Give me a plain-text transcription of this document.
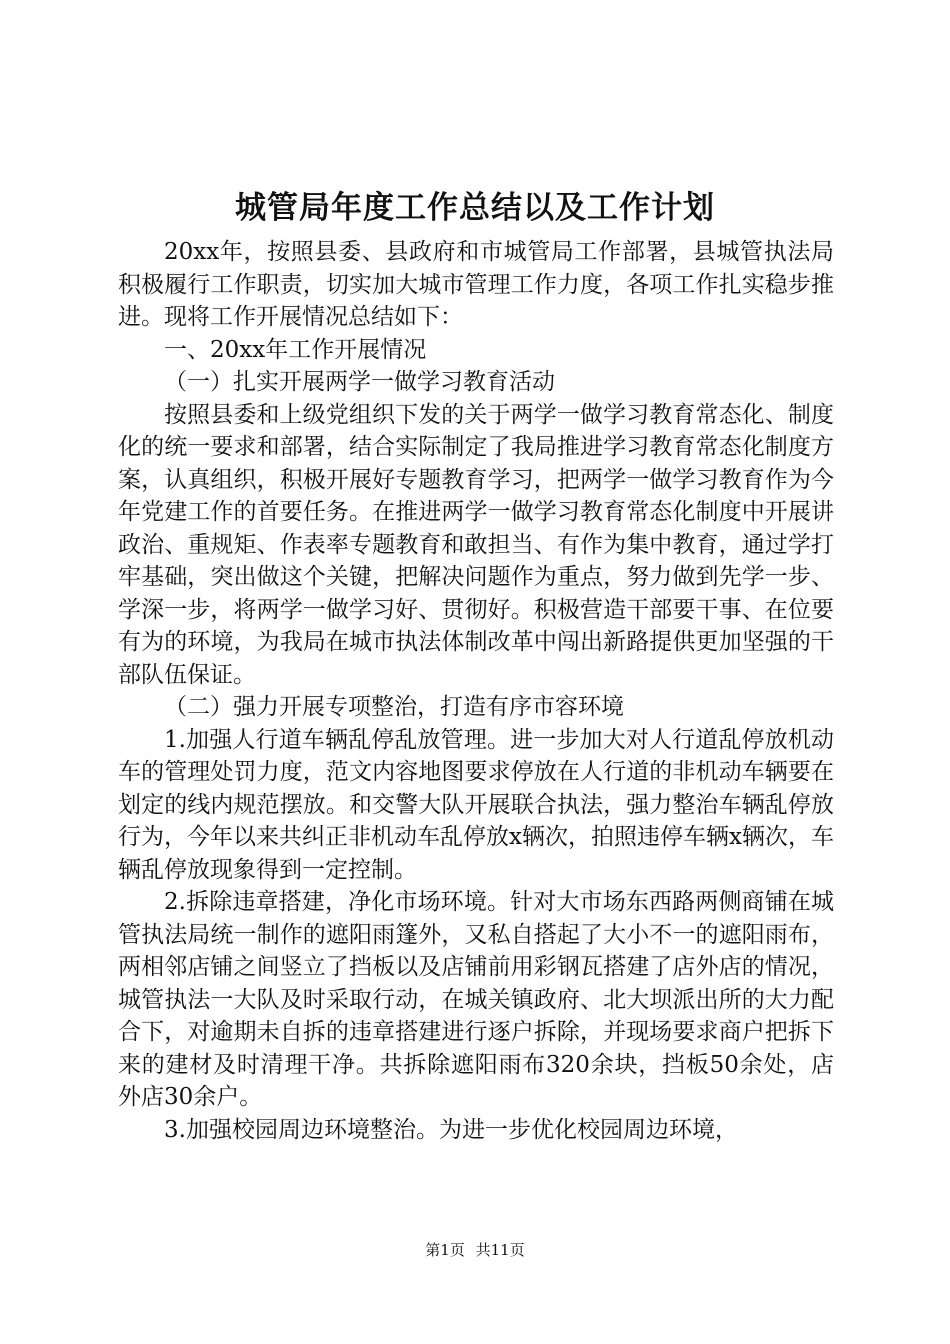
城管局年度工作总结以及工作计划

20xx年，按照县委、县政府和市城管局工作部署，县城管执法局积极履行工作职责，切实加大城市管理工作力度，各项工作扎实稳步推进。现将工作开展情况总结如下：

一、20xx年工作开展情况

（一）扎实开展两学一做学习教育活动

按照县委和上级党组织下发的关于两学一做学习教育常态化、制度化的统一要求和部署，结合实际制定了我局推进学习教育常态化制度方案，认真组织，积极开展好专题教育学习，把两学一做学习教育作为今年党建工作的首要任务。在推进两学一做学习教育常态化制度中开展讲政治、重规矩、作表率专题教育和敢担当、有作为集中教育，通过学打牢基础，突出做这个关键，把解决问题作为重点，努力做到先学一步、学深一步，将两学一做学习好、贯彻好。积极营造干部要干事、在位要有为的环境，为我局在城市执法体制改革中闯出新路提供更加坚强的干部队伍保证。

（二）强力开展专项整治，打造有序市容环境

1.加强人行道车辆乱停乱放管理。进一步加大对人行道乱停放机动车的管理处罚力度，范文内容地图要求停放在人行道的非机动车辆要在划定的线内规范摆放。和交警大队开展联合执法，强力整治车辆乱停放行为，今年以来共纠正非机动车乱停放x辆次，拍照违停车辆x辆次，车辆乱停放现象得到一定控制。

2.拆除违章搭建，净化市场环境。针对大市场东西路两侧商铺在城管执法局统一制作的遮阳雨篷外，又私自搭起了大小不一的遮阳雨布，两相邻店铺之间竖立了挡板以及店铺前用彩钢瓦搭建了店外店的情况，城管执法一大队及时采取行动，在城关镇政府、北大坝派出所的大力配合下，对逾期未自拆的违章搭建进行逐户拆除，并现场要求商户把拆下来的建材及时清理干净。共拆除遮阳雨布320余块，挡板50余处，店外店30余户。

3.加强校园周边环境整治。为进一步优化校园周边环境，

第1页 共11页
